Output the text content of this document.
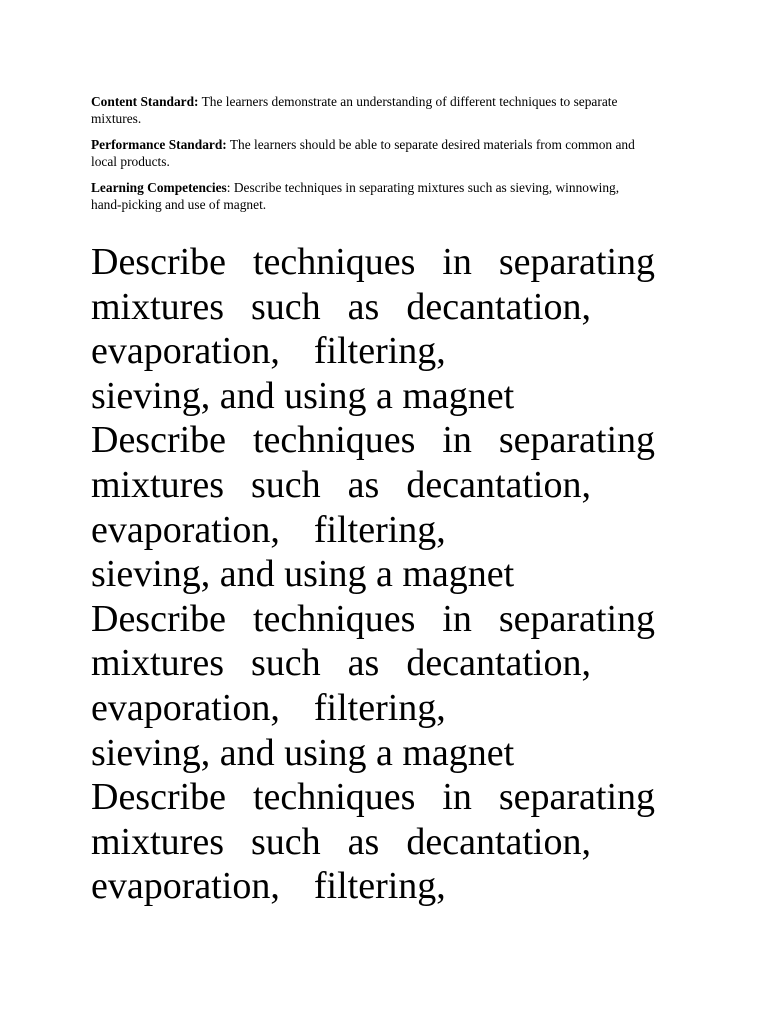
Content Standard: The learners demonstrate an understanding of different techniques to separate mixtures.

Performance Standard: The learners should be able to separate desired materials from common and local products.

Learning Competencies: Describe techniques in separating mixtures such as sieving, winnowing, hand-picking and use of magnet.

Describe techniques in separating
mixtures such as decantation,
evaporation, filtering,
sieving, and using a magnet
Describe techniques in separating
mixtures such as decantation,
evaporation, filtering,
sieving, and using a magnet
Describe techniques in separating
mixtures such as decantation,
evaporation, filtering,
sieving, and using a magnet
Describe techniques in separating
mixtures such as decantation,
evaporation, filtering,
